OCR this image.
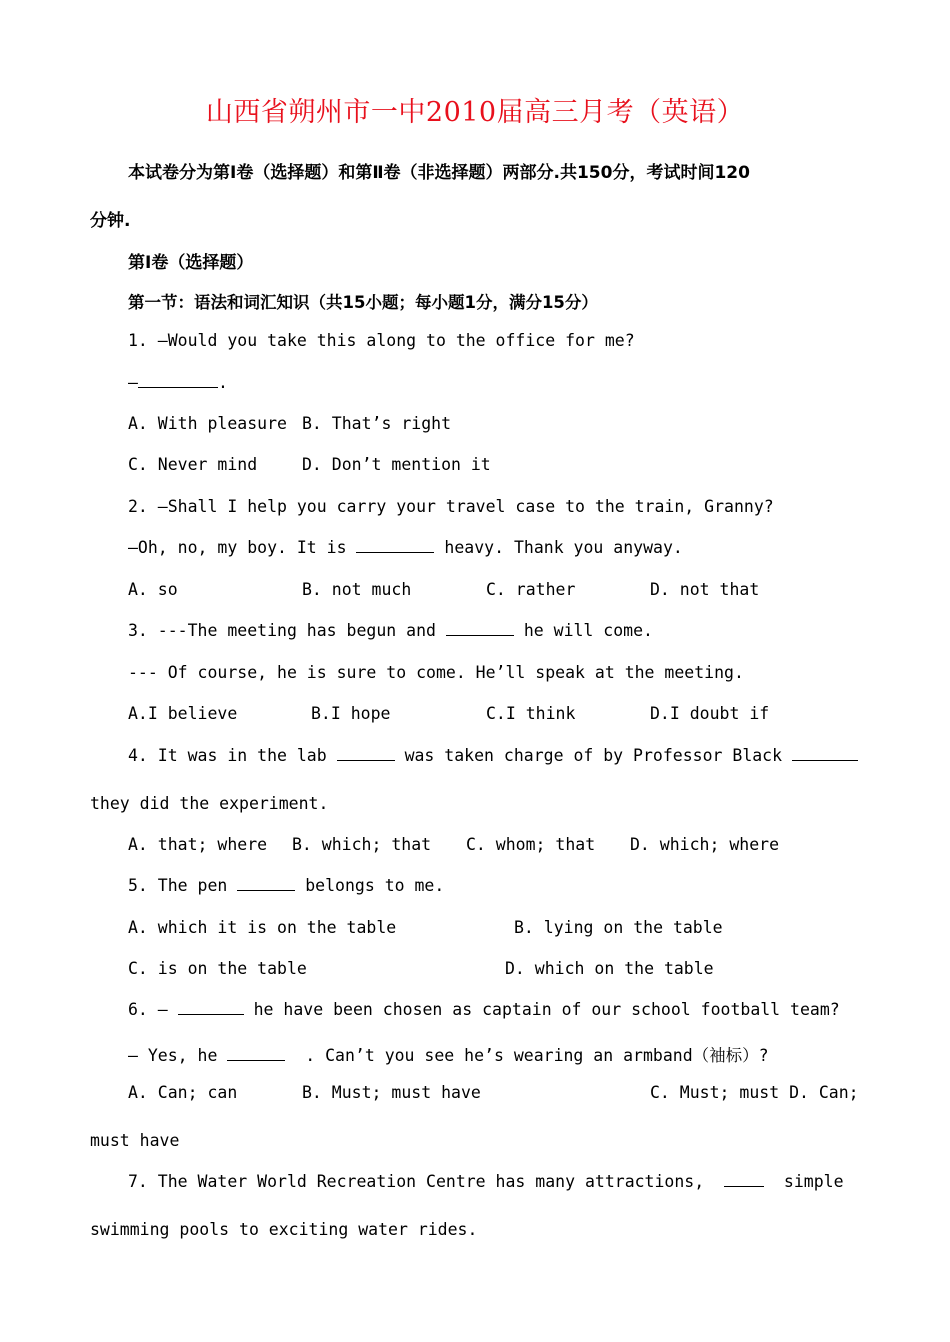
山西省朔州市一中2010届高三月考（英语）
本试卷分为第Ⅰ卷（选择题）和第Ⅱ卷（非选择题）两部分.共150分，考试时间120
分钟.
第Ⅰ卷（选择题）
第一节：语法和词汇知识（共15小题；每小题1分，满分15分）
1. —Would you take this along to the office for me?
—	.
A. With pleasure B. That’s right
C. Never mind	D. Don’t mention it
2. —Shall I help you carry your travel case to the train, Granny?
—Oh, no, my boy. It is	heavy. Thank you anyway.
A. so	B. not much	C. rather	D. not that
3. ---The meeting has begun and	he will come.
--- Of course, he is sure to come. He’ll speak at the meeting.
A.I believe	B.I hope	C.I think	D.I doubt if
4. It was in the lab	was taken charge of by Professor Black
they did the experiment.
A. that; where B. which; that C. whom; that D. which; where
5. The pen	belongs to me.
A. which it is on the table	B. lying on the table
C. is on the table	D. which on the table
6. —	he have been chosen as captain of our school football team?
— Yes, he	. Can’t you see he’s wearing an armband（袖标）?
A. Can; can	B. Must; must have	C. Must; must D. Can;
must have
7. The Water World Recreation Centre has many attractions,	simple
swimming pools to exciting water rides.
